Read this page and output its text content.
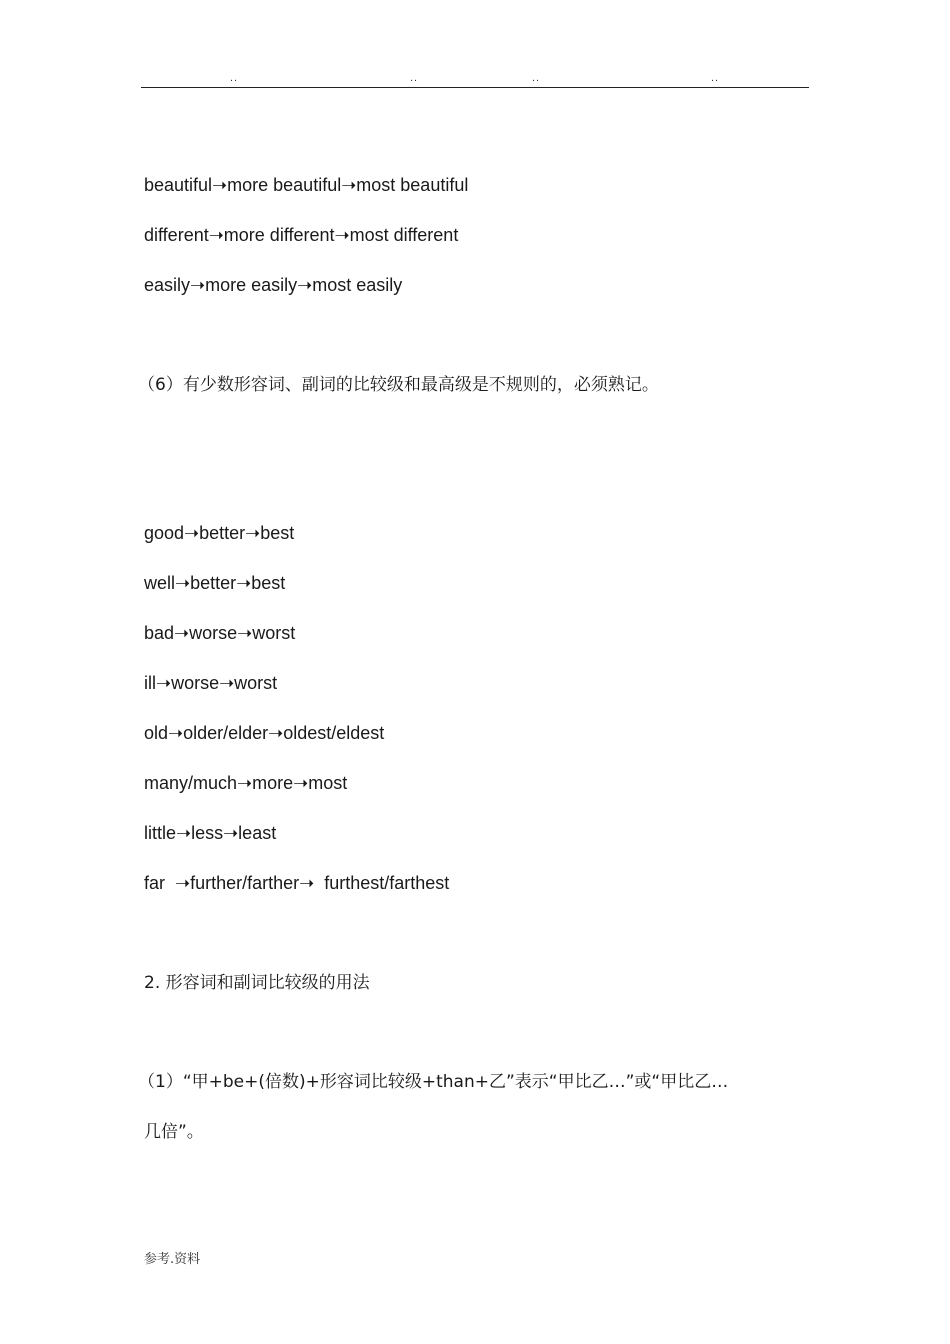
..	..	..	..
beautiful➝more beautiful➝most beautiful
different➝more different➝most different
easily➝more easily➝most easily
（6）有少数形容词、副词的比较级和最高级是不规则的，必须熟记。
good➝better➝best
well➝better➝best
bad➝worse➝worst
ill➝worse➝worst
old➝older/elder➝oldest/eldest
many/much➝more➝most
little➝less➝least
far  ➝further/farther➝  furthest/farthest
2. 形容词和副词比较级的用法
（1）“甲+be+(倍数)+形容词比较级+than+乙”表示“甲比乙…”或“甲比乙…
几倍”。
参考.资料
